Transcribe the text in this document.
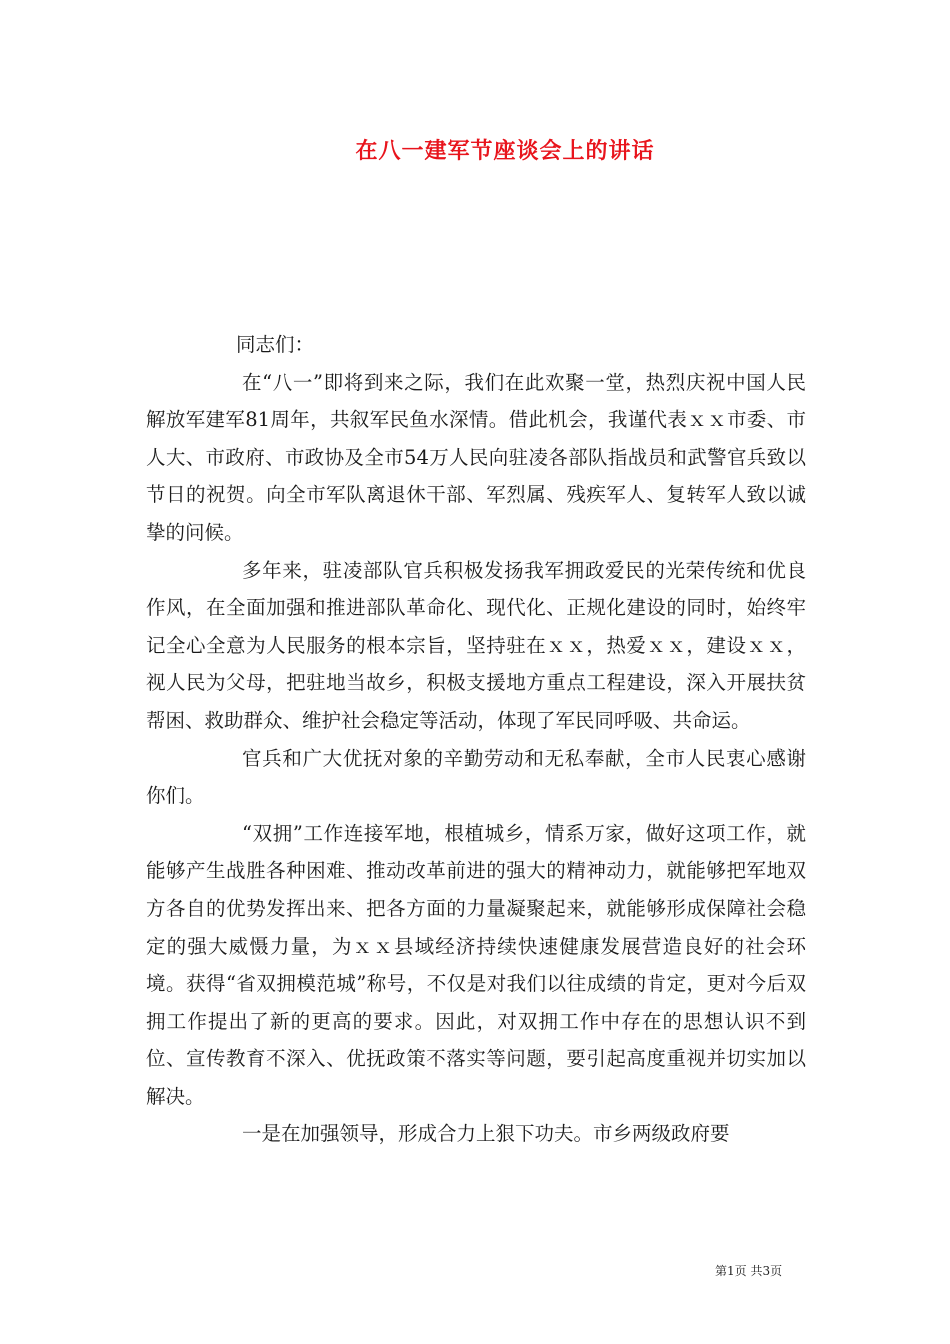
在八一建军节座谈会上的讲话

同志们：

在“八一”即将到来之际，我们在此欢聚一堂，热烈庆祝中国人民解放军建军81周年，共叙军民鱼水深情。借此机会，我谨代表ｘｘ市委、市人大、市政府、市政协及全市54万人民向驻凌各部队指战员和武警官兵致以节日的祝贺。向全市军队离退休干部、军烈属、残疾军人、复转军人致以诚挚的问候。

多年来，驻凌部队官兵积极发扬我军拥政爱民的光荣传统和优良作风，在全面加强和推进部队革命化、现代化、正规化建设的同时，始终牢记全心全意为人民服务的根本宗旨，坚持驻在ｘｘ，热爱ｘｘ，建设ｘｘ，视人民为父母，把驻地当故乡，积极支援地方重点工程建设，深入开展扶贫帮困、救助群众、维护社会稳定等活动，体现了军民同呼吸、共命运。

官兵和广大优抚对象的辛勤劳动和无私奉献，全市人民衷心感谢你们。

“双拥”工作连接军地，根植城乡，情系万家，做好这项工作，就能够产生战胜各种困难、推动改革前进的强大的精神动力，就能够把军地双方各自的优势发挥出来、把各方面的力量凝聚起来，就能够形成保障社会稳定的强大威慑力量，为ｘｘ县域经济持续快速健康发展营造良好的社会环境。获得“省双拥模范城”称号，不仅是对我们以往成绩的肯定，更对今后双拥工作提出了新的更高的要求。因此，对双拥工作中存在的思想认识不到位、宣传教育不深入、优抚政策不落实等问题，要引起高度重视并切实加以解决。

一是在加强领导，形成合力上狠下功夫。市乡两级政府要

第1页 共3页
